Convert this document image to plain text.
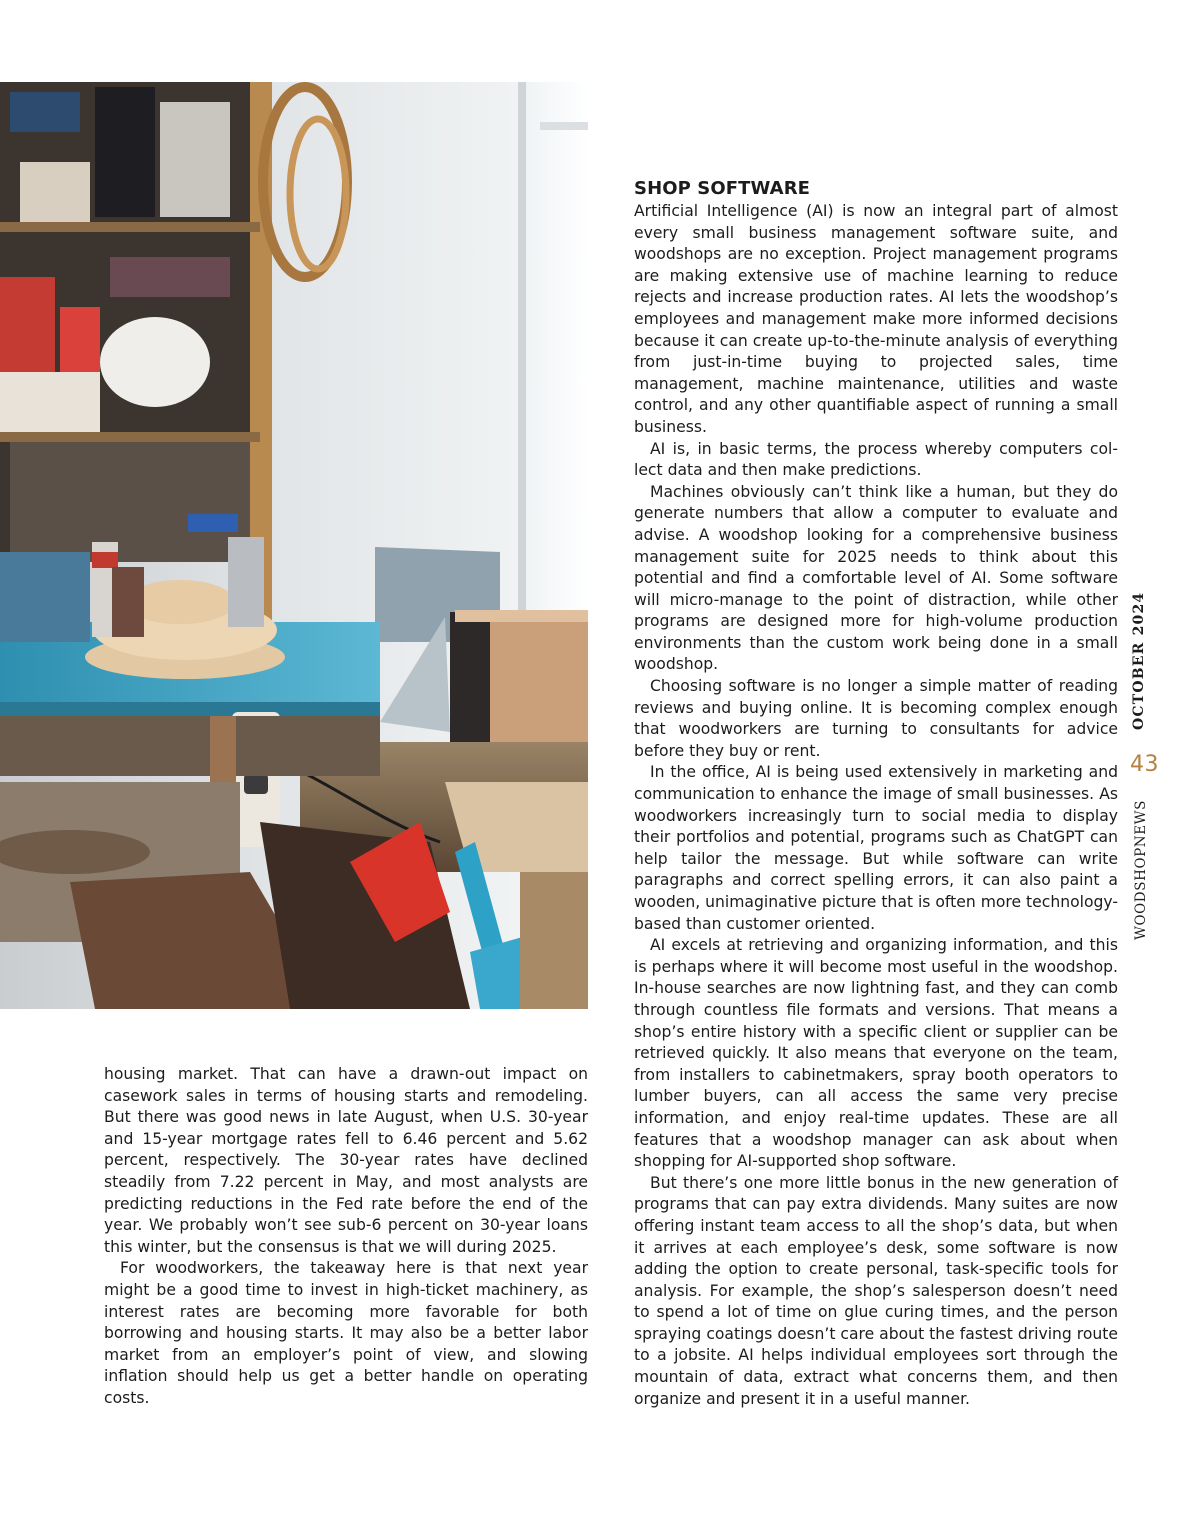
housing market. That can have a drawn-out impact on casework sales in terms of housing starts and remodeling. But there was good news in late August, when U.S. 30-year and 15-year mortgage rates fell to 6.46 percent and 5.62 percent, respectively. The 30-year rates have declined steadily from 7.22 percent in May, and most analysts are predicting reductions in the Fed rate before the end of the year. We probably won’t see sub-6 percent on 30-year loans this winter, but the consensus is that we will during 2025.

For woodworkers, the takeaway here is that next year might be a good time to invest in high-ticket machinery, as interest rates are becoming more favorable for both borrowing and housing starts. It may also be a better labor market from an employer’s point of view, and slowing inflation should help us get a better handle on operating costs.

SHOP SOFTWARE

Artificial Intelligence (AI) is now an integral part of almost every small business management software suite, and woodshops are no exception. Project management programs are making extensive use of machine learning to reduce rejects and increase production rates. AI lets the woodshop’s employees and management make more informed decisions because it can create up-to-the-minute analysis of everything from just-in-time buying to projected sales, time management, machine maintenance, utilities and waste control, and any other quantifiable aspect of running a small business.

AI is, in basic terms, the process whereby computers collect data and then make predictions.

Machines obviously can’t think like a human, but they do generate numbers that allow a computer to evaluate and advise. A woodshop looking for a comprehensive business management suite for 2025 needs to think about this potential and find a comfortable level of AI. Some software will micro-manage to the point of distraction, while other programs are designed more for high-volume production environments than the custom work being done in a small woodshop.

Choosing software is no longer a simple matter of reading reviews and buying online. It is becoming complex enough that woodworkers are turning to consultants for advice before they buy or rent.

In the office, AI is being used extensively in marketing and communication to enhance the image of small businesses. As woodworkers increasingly turn to social media to display their portfolios and potential, programs such as ChatGPT can help tailor the message. But while software can write paragraphs and correct spelling errors, it can also paint a wooden, unimaginative picture that is often more technology-based than customer oriented.

AI excels at retrieving and organizing information, and this is perhaps where it will become most useful in the woodshop. In-house searches are now lightning fast, and they can comb through countless file formats and versions. That means a shop’s entire history with a specific client or supplier can be retrieved quickly. It also means that everyone on the team, from installers to cabinetmakers, spray booth operators to lumber buyers, can all access the same very precise information, and enjoy real-time updates. These are all features that a woodshop manager can ask about when shopping for AI-supported shop software.

But there’s one more little bonus in the new generation of programs that can pay extra dividends. Many suites are now offering instant team access to all the shop’s data, but when it arrives at each employee’s desk, some software is now adding the option to create personal, task-specific tools for analysis. For example, the shop’s salesperson doesn’t need to spend a lot of time on glue curing times, and the person spraying coatings doesn’t care about the fastest driving route to a jobsite. AI helps individual employees sort through the mountain of data, extract what concerns them, and then organize and present it in a useful manner.

OCTOBER 2024
43
WOODSHOPNEWS
